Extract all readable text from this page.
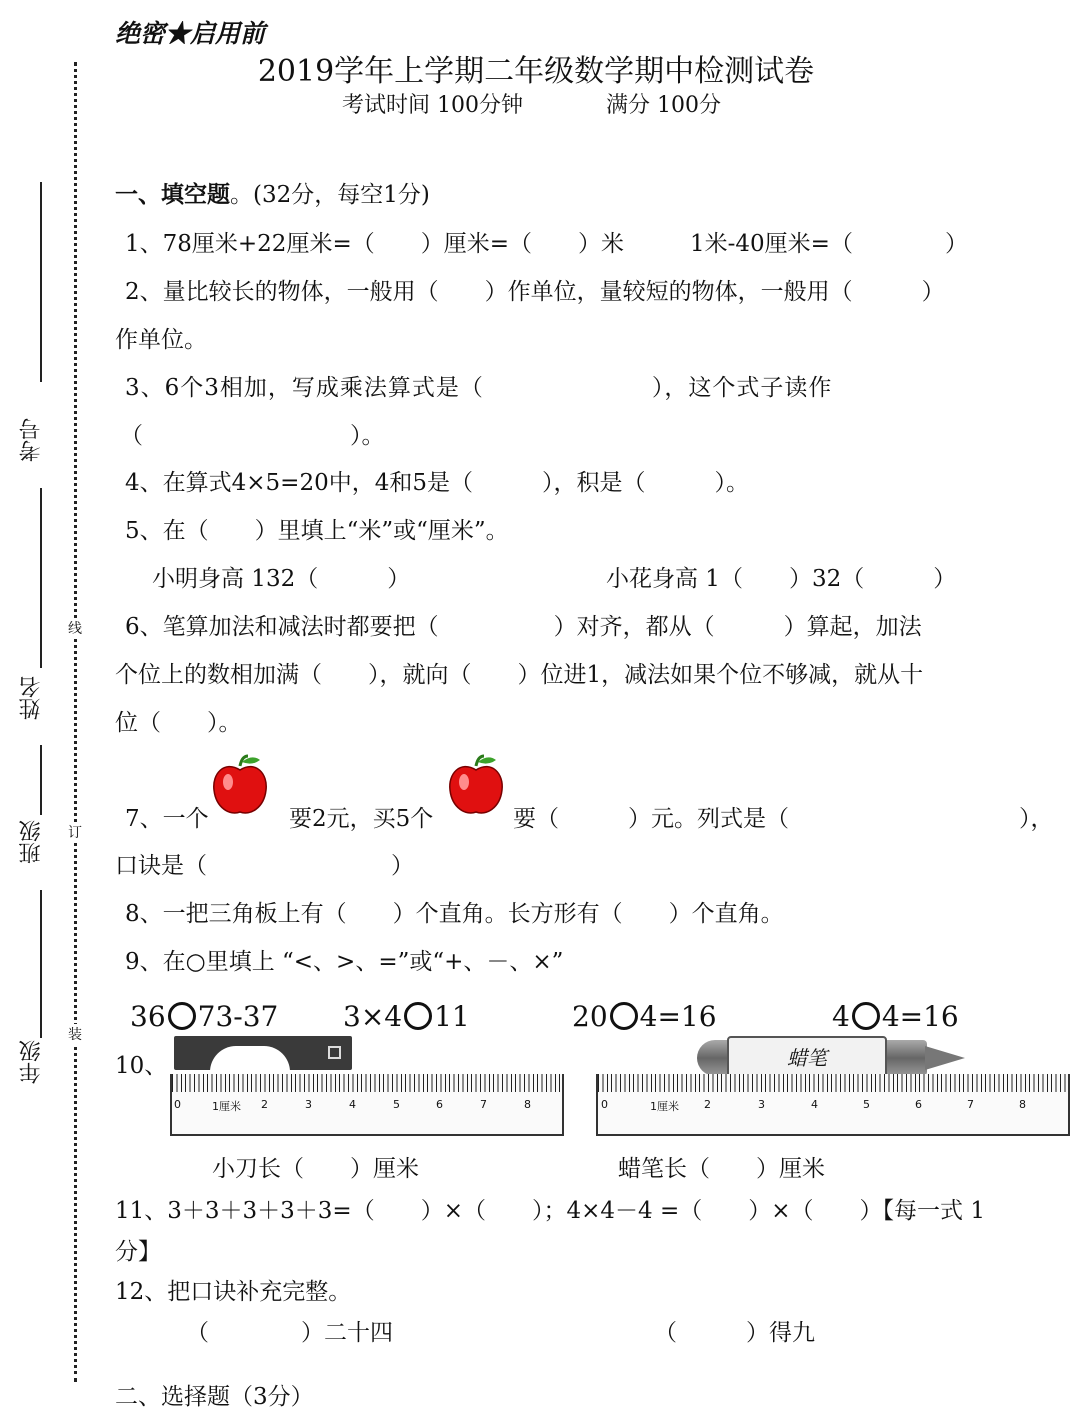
绝密★启用前
2019学年上学期二年级数学期中检测试卷
考试时间 100分钟	满分 100分
考号
姓名
班级
年级
线
订
装
一、填空题。(32分，每空1分)
1、78厘米+22厘米=（　　）厘米=（　　）米	1米-40厘米=（　　　　）
2、量比较长的物体，一般用（　　）作单位，量较短的物体，一般用（　　　）
作单位。
3、6个3相加，写成乘法算式是（　　　　　　　），这个式子读作
（　　　　　　　　　）。
4、在算式4×5=20中，4和5是（　　　），积是（　　　）。
5、在（　　）里填上“米”或“厘米”。
小明身高 132（　　　）	小花身高 1（　　）32（　　　）
6、笔算加法和减法时都要把（　　　　　）对齐，都从（　　　）算起，加法
个位上的数相加满（　　），就向（　　）位进1，减法如果个位不够减，就从十
位（　　）。
7、一个	要2元，买5个	要（　　　）元。列式是（　　　　　　　　　　），
口诀是（　　　　　　　　）
8、一把三角板上有（　　）个直角。长方形有（　　）个直角。
9、在○里填上 “<、>、=”或“+、－、×”
36 73-37 3×4 11	20 4=16	4 4=16
10、
0	1厘米 2	3	4	5	6	7	8
蜡笔
0	1厘米 2	3	4	5	6	7	8
小刀长（　　）厘米	蜡笔长（　　）厘米
11、3＋3＋3＋3＋3=（　　）×（　　）；4×4－4 =（　　）×（　　）【每一式 1
分】
12、把口诀补充完整。
（　　　　）二十四	（　　　）得九
二、选择题（3分）
